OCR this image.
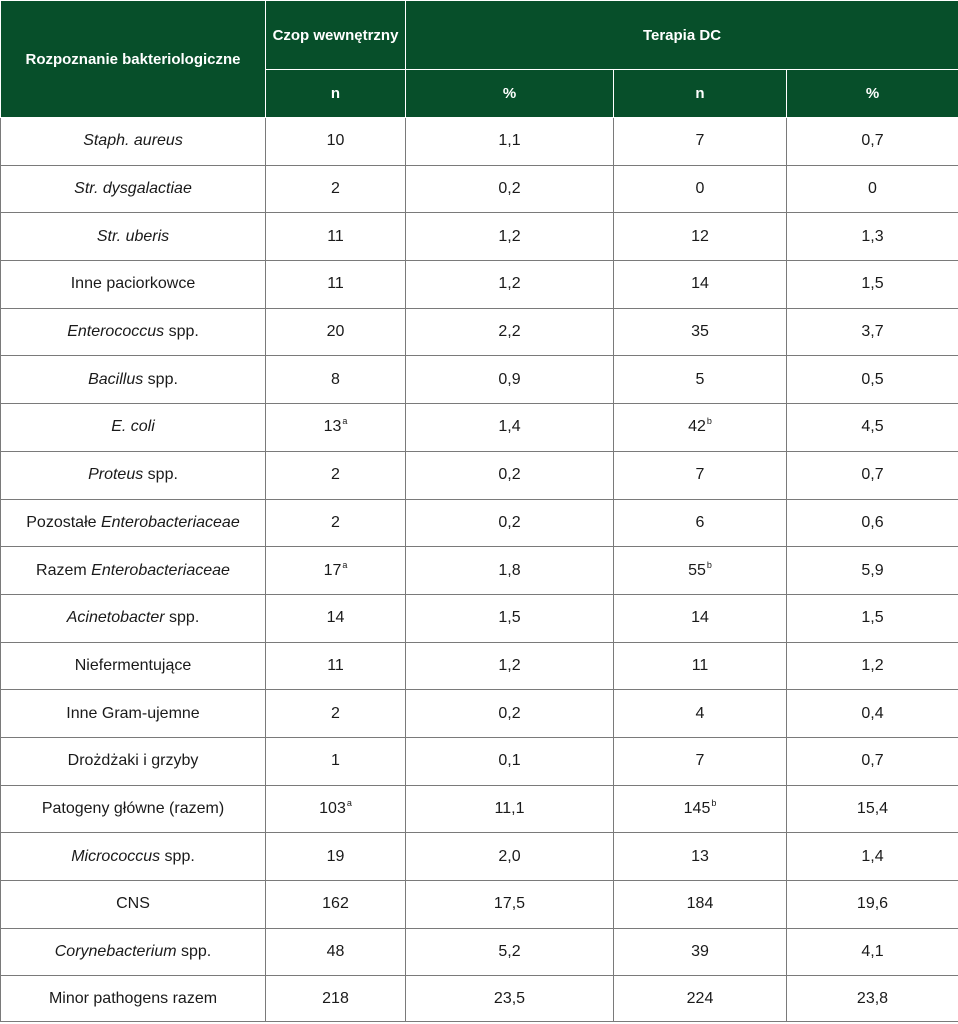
Rozpoznanie bakteriologiczne	Czop wewnętrzny	Terapia DC		
	n	%	n	%
Staph. aureus	10	1,1	7	0,7
Str. dysgalactiae	2	0,2	0	0
Str. uberis	11	1,2	12	1,3
Inne paciorkowce	11	1,2	14	1,5
Enterococcus spp.	20	2,2	35	3,7
Bacillus spp.	8	0,9	5	0,5
E. coli	13$^a$	1,4	42$^b$	4,5
Proteus spp.	2	0,2	7	0,7
Pozostałe Enterobacteriaceae	2	0,2	6	0,6
Razem Enterobacteriaceae	17$^a$	1,8	55$^b$	5,9
Acinetobacter spp.	14	1,5	14	1,5
Niefermentujące	11	1,2	11	1,2
Inne Gram-ujemne	2	0,2	4	0,4
Drożdżaki i grzyby	1	0,1	7	0,7
Patogeny główne (razem)	103$^a$	11,1	145$^b$	15,4
Micrococcus spp.	19	2,0	13	1,4
CNS	162	17,5	184	19,6
Corynebacterium spp.	48	5,2	39	4,1
Minor pathogens razem	218	23,5	224	23,8
